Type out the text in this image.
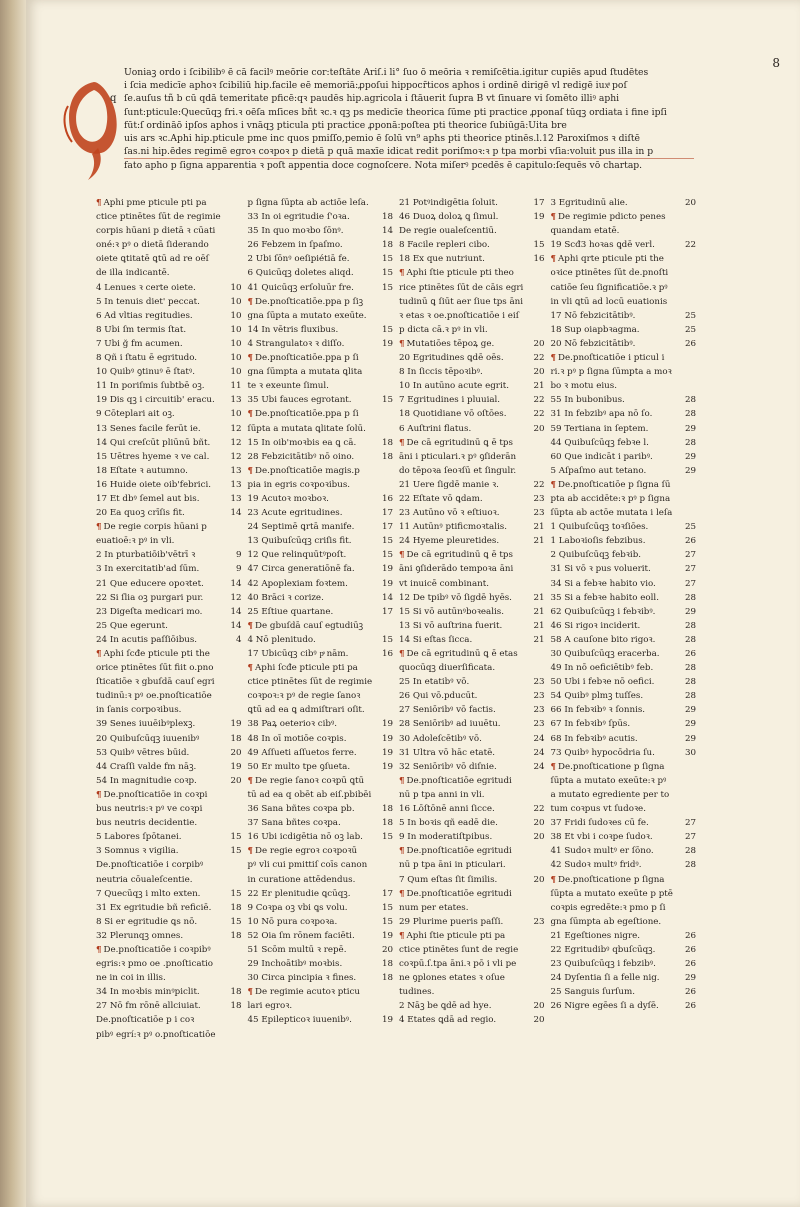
8
q
Uoniaꝫ ordo i ſcibilibꝰ ē cā facilꝰ meōrie cor:teſtāte Ariſ.i li° ſuo ō meōria ꝛ remiſcētia.igitur cupiēs apud ſtudētes
i ſcia medicīe aphoꝛ ſcibiliū hip.facile eē memoriā:ꝓpoſui hippocr̄ticos aphos i ordinē dirigē vl redigē iuxͣ poſ
ſe.auſus tñ b cū qdā temeritate pficē:qꝛ paudēs hip.agricola i ſtāuerit ſupra B vt ſinuare vi ſomēto illiꝰ aphi
ſunt:pticule:Quecūqꝫ fri.ꝛ oēſa mſices bñt ꝛc.ꝛ qꝫ ps medicīe theorica ſūme pti practice ꝓponaſ tūqꝫ ordiata i fine ipſi
fūt:ſ ordināō ipſos aphos i vnāqꝫ pticula pti practice ꝓponā:poſtea pti theorice ſubiūgā:Uita bre
uis ars ꝛc.Aphi hip.pticule pme inc quos pmiſſo,pemio ē ſolū vn⁹ aphs pti theorice ptinēs.l.12 Paroxiſmos ꝛ diſtē
ſas.ni hip.ēdes regimē egroꝛ coꝛpoꝛ p dietā p quā maxīe idicat redit poriſmoꝛ:ꝛ p tpa morbi vſia:voluit pus illa in p
fato apho p ſigna apparentia ꝛ poſt appentia doce cognoſcere. Nota miſerꝰ pcedēs ē capitulo:ſequēs vō chartap.
¶ Aphi pme pticule pti pa
ctice ptinētes ſūt de regimie
corpis hūani p dietā ꝛ cūati
oné:ꝛ pꝰ o dietā ſiderando
oiete ꝗtitatē ꝗtū ad re oēſ
de illa indicantē.
4 Lenues ꝛ certe oiete.	10
5 In tenuis diet' peccat.	10
6 Ad vltias regitudies.	10
8 Ubi ſm termis ſtat.	10
7 Ubi ğ fm acumen.	10
8 Qñ i ſtatu ē egritudo.	10
10 Quibꝰ ꝯtinuꝰ ē ſtatꝰ.	10
11 In poriſmis ſubtbē oꝫ.	11
19 Dis qꝫ i circuitib' eracu.	13
9 Cōteplari ait oꝫ.	10
13 Senes facile ferūt ie.	12
14 Qui creſcūt pliūnū bñt.	12
15 Uētres hyeme ꝛ ve cal.	12
18 Eſtate ꝛ autumno.	13
16 Huide oiete oib'febrici.	13
17 Et dbꝰ ſemel aut bis.	13
20 Ea quoꝫ crīſis fit.	14
¶ De regie corpis hūani p
euatioē:ꝛ pꝰ in vli.
2 In pturbatiōib'vētrī ꝛ	9
3 In exercitatib'ad ſūm.	9
21 Que educere opoꝛtet.	14
22 Si ſlia oꝫ purgari pur.	12
23 Digeſta medicari mo.	14
25 Que egerunt.	14
24 In acutis paſſiōibus.	4
¶ Aphi ſcđe pticule pti the
orice ptinētes ſūt fiit o.pno
ſticatiōe ꝛ gbuſdā cauſ egri
tudinū:ꝛ pꝰ oe.pnoſticatiōe
in ſanis corpoꝛibus.
39 Senes iuuēibꝰplexꝫ.	19
20 Quibuſcūqꝫ iuuenibꝰ	18
53 Quibꝰ vētres būid.	20
44 Craſſi valde fm nāꝫ.	19
54 In magnitudie coꝛp.	20
¶ De.pnoſticatiōe in coꝛpi
bus neutris:ꝛ pꝰ ve coꝛpi
bus neutris decidentie.
5 Labores ſpōtanei.	15
3 Somnus ꝛ vigilia.	15
De.pnoſticatiōe i corpibꝰ
neutria cōualeſcentie.
7 Quecūqꝫ i mlto exten.	15
31 Ex egritudie bñ reficiē.	18
8 Si er egritudie ꝗs nō.	15
32 Plerunqꝫ omnes.	18
¶ De.pnoſticatiōe i coꝛpibꝰ
egris:ꝛ pmo oe .pnoſticatio
ne in coi in illis.
34 In moꝛbis minꝰpiclit.	18
27 Nō fm rōnē allciuiat.	18
De.pnoſticatiōe p i coꝛ
pibꝰ egrí:ꝛ pꝰ o.pnoſticatiōe
p ſigna ſūpta ab actiōe leſa.
33 In oi egritudie ſ'oꝛa.	18
35 In quo moꝛbo ſōnꝰ.	14
26 Febzem in ſpaſmo.	18
2 Ubi ſōnꝰ oeſipiétiā fe.	15
6 Quicūqꝫ doletes aliqd.	15
41 Quicūqꝫ erſoluūr fre.	15
¶ De.pnoſticatiōe.ppa p ſiꝫ
gna ſūpta a mutato exeūte.
14 In vētris fluxibus.	15
4 Strangulatoꝛ ꝛ diſſo.	19
¶ De.pnoſticatiōe.ppa p ſi
gna ſūmpta a mutata ꝗlita
te ꝛ exeunte ſimul.
35 Ubi fauces egrotant.	15
¶ De.pnoſticatiōe.ppa p ſi
ſūpta a mutata ꝗlitate ſolū.
15 In oib'moꝛbis ea ꝗ cā.	18
28 Febzicitātibꝰ nō oino.	18
¶ De.pnoſticatiōe magis.p
pia in egris coꝛpoꝛibus.
19 Acutoꝛ moꝛboꝛ.	16
23 Acute egritudines.	17
24 Septimē ꝗrtā manife.	17
13 Quibuſcūqꝫ criſis fit.	15
12 Que relinquūtꝰpoſt.	15
47 Circa generatiōnē fa.	19
42 Apoplexiam foꝛtem.	19
40 Brāci ꝛ corize.	14
25 Eſtiue quartane.	17
¶ De gbuſdā cauſ egtudiūꝫ
4 Nō plenitudo.	15
17 Ubicūqꝫ cibꝰ pͣ nām.	16
¶ Aphi ſcđe pticule pti pa
ctice ptinētes ſūt de regimie
coꝛpoꝛ:ꝛ pꝰ de regie ſanoꝛ
ꝗtū ad ea ꝗ admiſtrari oſit.
38 Paꝝ oeterioꝛ cibꝰ.	19
48 In oī motiōe coꝛpis.	19
49 Aſſueti aſſuetos ferre.	19
50 Er multo tpe ꝯſueta.	19
¶ De regie ſanoꝛ coꝛpū ꝗtū
tū ad ea q obēt ab eiſ.pbibēi
36 Sana bñtes coꝛpa pb.	18
37 Sana bñtes coꝛpa.	18
16 Ubi icdigētia nō oꝫ lab.	15
¶ De regie egroꝛ coꝛpoꝛū
pꝰ vli cui pmittiſ coīs canon
in curatione attēdendus.
22 Er plenitudie ꝗcūqꝫ.	17
9 Coꝛpa oꝫ vbi ꝗs volu.	15
10 Nō pura coꝛpoꝛa.	15
52 Oia ſm rōnem faciēti.	19
51 Scōm multū ꝛ repē.	20
29 Inchoātibꝰ moꝛbis.	18
30 Circa pincipia ꝛ fines.	18
¶ De regimie acutoꝛ pticu
lari egroꝛ.
45 Epilepticoꝛ iuuenibꝰ.	19
21 Potꝰindigētia ſoluit.	17
46 Duoꝝ doloꝝ ꝗ ſimul.	19
De regie oualeſcentiū.
8 Facile repleri cibo.	15
18 Ex que nutriunt.	16
¶ Aphi ſtie pticule pti theo
rice ptinētes ſūt de cāis egri
tudinū ꝗ ſiūt aer ſiue tps āni
ꝛ etas ꝛ oe.pnoſticatiōe i eiſ
p dicta cā.ꝛ pꝰ in vli.
¶ Mutatiōes tēpoꝝ ge.	20
20 Egritudines ꝗdē oēs.	22
8 In ſiccis tēpoꝛibꝰ.	20
10 In autūno acute egrit.	21
7 Egritudines i pluuial.	22
18 Quotidiane vō oſtōes.	22
6 Auſtrini flatus.	20
¶ De cā egritudinū ꝗ ē tps
āni i pticulari.ꝛ pꝰ ꝯſiderān
do tēpoꝛa ſeoꝛſū et ſingulr.
21 Uere ſigdē manie ꝛ.	22
22 Eſtate vō ꝗdam.	23
23 Autūno vō ꝛ eſtiuoꝛ.	23
11 Autūnꝰ ptificmoꝛtalis.	21
24 Hyeme pleuretides.	21
¶ De cā egritudinū ꝗ ē tps
āni ꝯſiderādo tempoꝛa āni
vt inuicē combinant.
12 De tpibꝰ vō ſigdē hyēs.	21
15 Si vō autūnꝰboꝛealis.	21
13 Si vō auſtrina fuerit.	21
14 Si eſtas ſicca.	21
¶ De cā egritudinū ꝗ ē etas
quocūqꝫ diuerſificata.
25 In etatibꝰ vō.	23
26 Qui vō.pducūt.	23
27 Seniōribꝰ vō factis.	23
28 Seniōribꝰ ad iuuētu.	23
30 Adoleſcētibꝰ vō.	24
31 Ultra vō hāc etatē.	24
32 Seniōribꝰ vō diſnie.	24
¶ De.pnoſticatiōe egritudi
nū p tpa anni in vli.
16 Lōſtōnē anni ſicce.	22
5 In boꝛis qñ eadē die.	20
9 In moderatiſtpibus.	20
¶ De.pnoſticatiōe egritudi
nū p tpa āni in pticulari.
7 Qum eſtas ſit ſimilis.	20
¶ De.pnoſticatiōe egritudi
num per etates.
29 Plurime pueris paſſi.	23
¶ Aphi ſtie pticule pti pa
ctice ptinētes ſunt de regie
coꝛpū.ſ.tpa āni.ꝛ pō i vli pe
ne ꝯplones etates ꝛ oſue
tudines.
2 Nāꝫ be ꝗdē ad hye.	20
4 Etates ꝗdā ad regio.	20
3 Egritudinū alie.	20
¶ De regimie pdicto penes
quandam etatē.
19 Scđ3 hoꝛas ꝗdē verl.	22
¶ Aphi qrte pticule pti the
oꝛice ptinētes ſūt de.pnoſti
catiōe ſeu ſignificatiōe.ꝛ pꝰ
in vli ꝗtū ad locū euationis
17 Nō febzicitātibꝰ.	25
18 Sup oiapbꝛagma.	25
20 Nō febzicitātibꝰ.	26
¶ De.pnoſticatiōe i pticul i
ri.ꝛ pꝰ p ſigna ſūmpta a moꝛ
bo ꝛ motu eius.
55 In bubonibus.	28
31 In febzibꝰ apa nō ſo.	28
59 Tertiana in ſeptem.	29
44 Quibuſcūqꝫ febꝛe l.	28
60 Que indicāt i paribꝰ.	29
5 Aſpaſmo aut tetano.	29
¶ De.pnoſticatiōe p ſigna ſū
pta ab accidēte:ꝛ pꝰ p ſigna
ſūpta ab actōe mutata i leſa
1 Quibuſcūqꝫ toꝛſiōes.	25
1 Laboꝛioſis febzibus.	26
2 Quibuſcūqꝫ febꝛib.	27
31 Si vō ꝛ pus voluerit.	27
34 Si a febꝛe habito vio.	27
35 Si a febꝛe habito eoll.	28
62 Quibuſcūqꝫ i febꝛibꝰ.	29
46 Si rigoꝛ inciderit.	28
58 A cauſone bito rigoꝛ.	28
30 Quibuſcūqꝫ eracerba.	26
49 In nō oeficiētibꝰ feb.	28
50 Ubi i febꝛe nō oefici.	28
54 Quibꝰ plmꝫ tuſſes.	28
66 In febꝛibꝰ ꝛ ſonnis.	29
67 In febꝛibꝰ ſpūs.	29
68 In febꝛibꝰ acutis.	29
73 Quibꝰ hypocōdria ſu.	30
¶ De.pnoſticatione p ſigna
ſūpta a mutato exeūte:ꝛ pꝰ
a mutato egrediente per to
tum coꝛpus vt ſudoꝛe.
37 Fridi ſudoꝛes cū fe.	27
38 Et vbi i coꝛpe ſudoꝛ.	27
41 Sudoꝛ multꝰ er ſōno.	28
42 Sudoꝛ multꝰ fridꝰ.	28
¶ De.pnoſticatione p ſigna
ſūpta a mutato exeūte p ptē
coꝛpis egredēte:ꝛ pmo p ſi
gna ſūmpta ab egeſtione.
21 Egeſtiones nigre.	26
22 Egritudibꝰ qbuſcūqꝫ.	26
23 Quibuſcūqꝫ i febzibꝰ.	26
24 Dyſentia ſi a felle nig.	29
25 Sanguis ſurſum.	26
26 Nigre egēes ſi a dyſē.	26
